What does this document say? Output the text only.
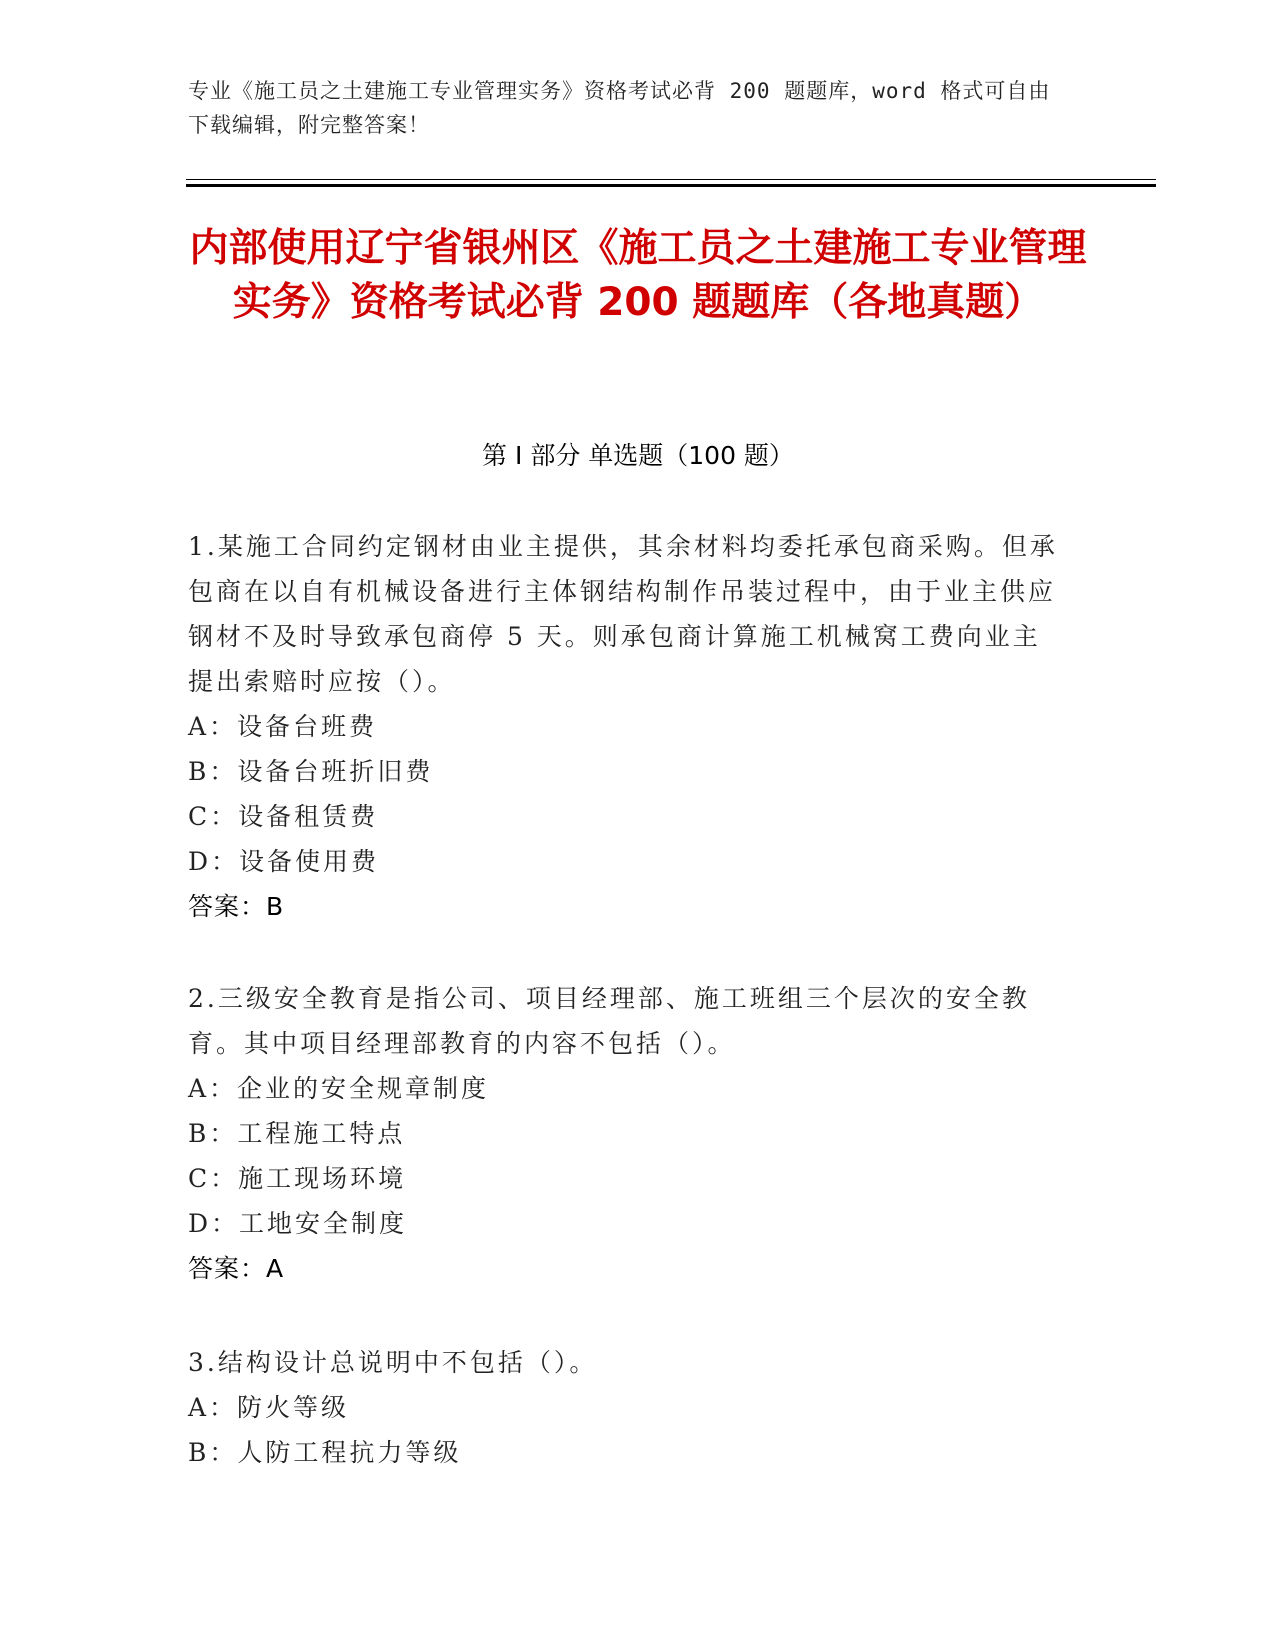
专业《施工员之土建施工专业管理实务》资格考试必背 200 题题库，word 格式可自由下载编辑，附完整答案！
内部使用辽宁省银州区《施工员之土建施工专业管理实务》资格考试必背 200 题题库（各地真题）
第 I 部分 单选题（100 题）

1.某施工合同约定钢材由业主提供，其余材料均委托承包商采购。但承包商在以自有机械设备进行主体钢结构制作吊装过程中，由于业主供应钢材不及时导致承包商停 5 天。则承包商计算施工机械窝工费向业主提出索赔时应按（）。

A：设备台班费

B：设备台班折旧费

C：设备租赁费

D：设备使用费

答案：B

2.三级安全教育是指公司、项目经理部、施工班组三个层次的安全教育。其中项目经理部教育的内容不包括（）。

A：企业的安全规章制度

B：工程施工特点

C：施工现场环境

D：工地安全制度

答案：A

3.结构设计总说明中不包括（）。

A：防火等级

B：人防工程抗力等级
